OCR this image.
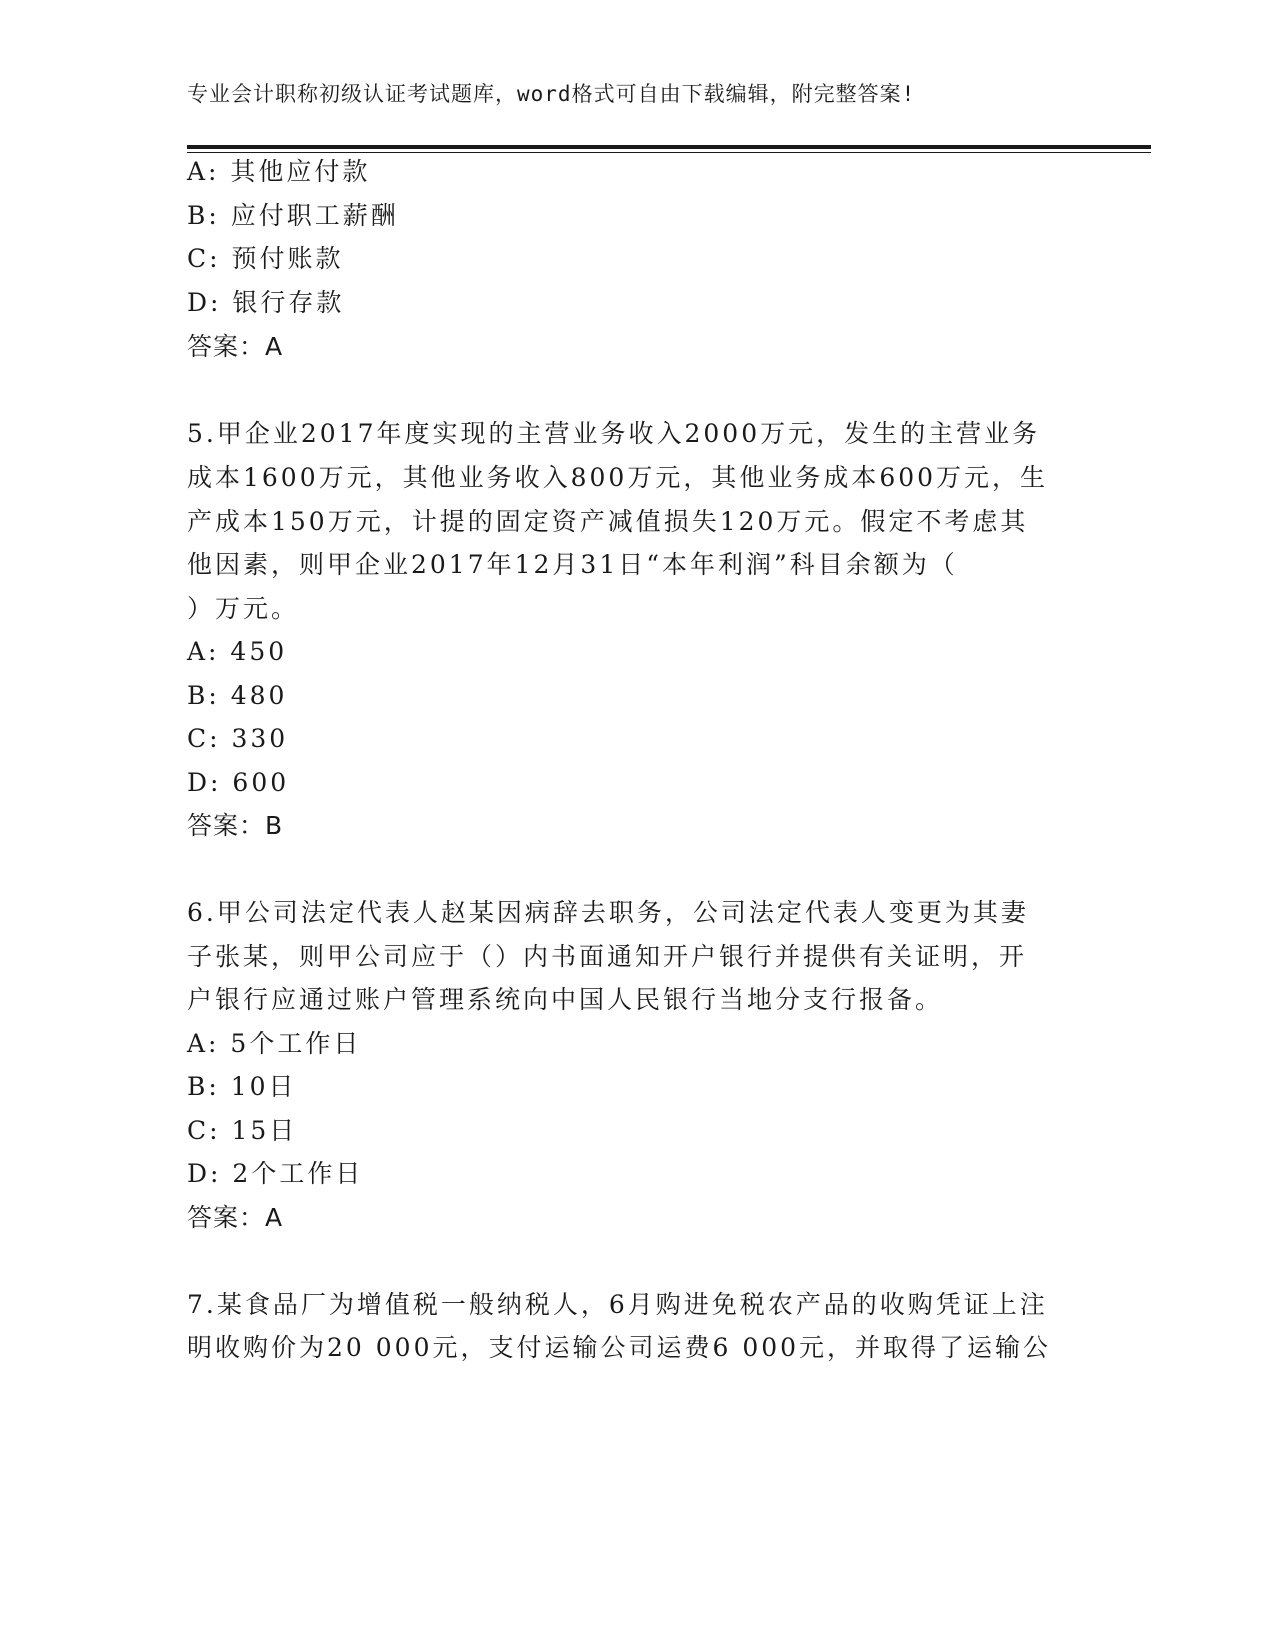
专业会计职称初级认证考试题库，word格式可自由下载编辑，附完整答案!
A: 其他应付款
B: 应付职工薪酬
C: 预付账款
D: 银行存款
答案：A
5.甲企业2017年度实现的主营业务收入2000万元，发生的主营业务
成本1600万元，其他业务收入800万元，其他业务成本600万元，生
产成本150万元，计提的固定资产减值损失120万元。假定不考虑其
他因素，则甲企业2017年12月31日“本年利润”科目余额为（
）万元。
A: 450
B: 480
C: 330
D: 600
答案：B
6.甲公司法定代表人赵某因病辞去职务，公司法定代表人变更为其妻
子张某，则甲公司应于（）内书面通知开户银行并提供有关证明，开
户银行应通过账户管理系统向中国人民银行当地分支行报备。
A: 5个工作日
B: 10日
C: 15日
D: 2个工作日
答案：A
7.某食品厂为增值税一般纳税人，6月购进免税农产品的收购凭证上注
明收购价为20 000元，支付运输公司运费6 000元，并取得了运输公
